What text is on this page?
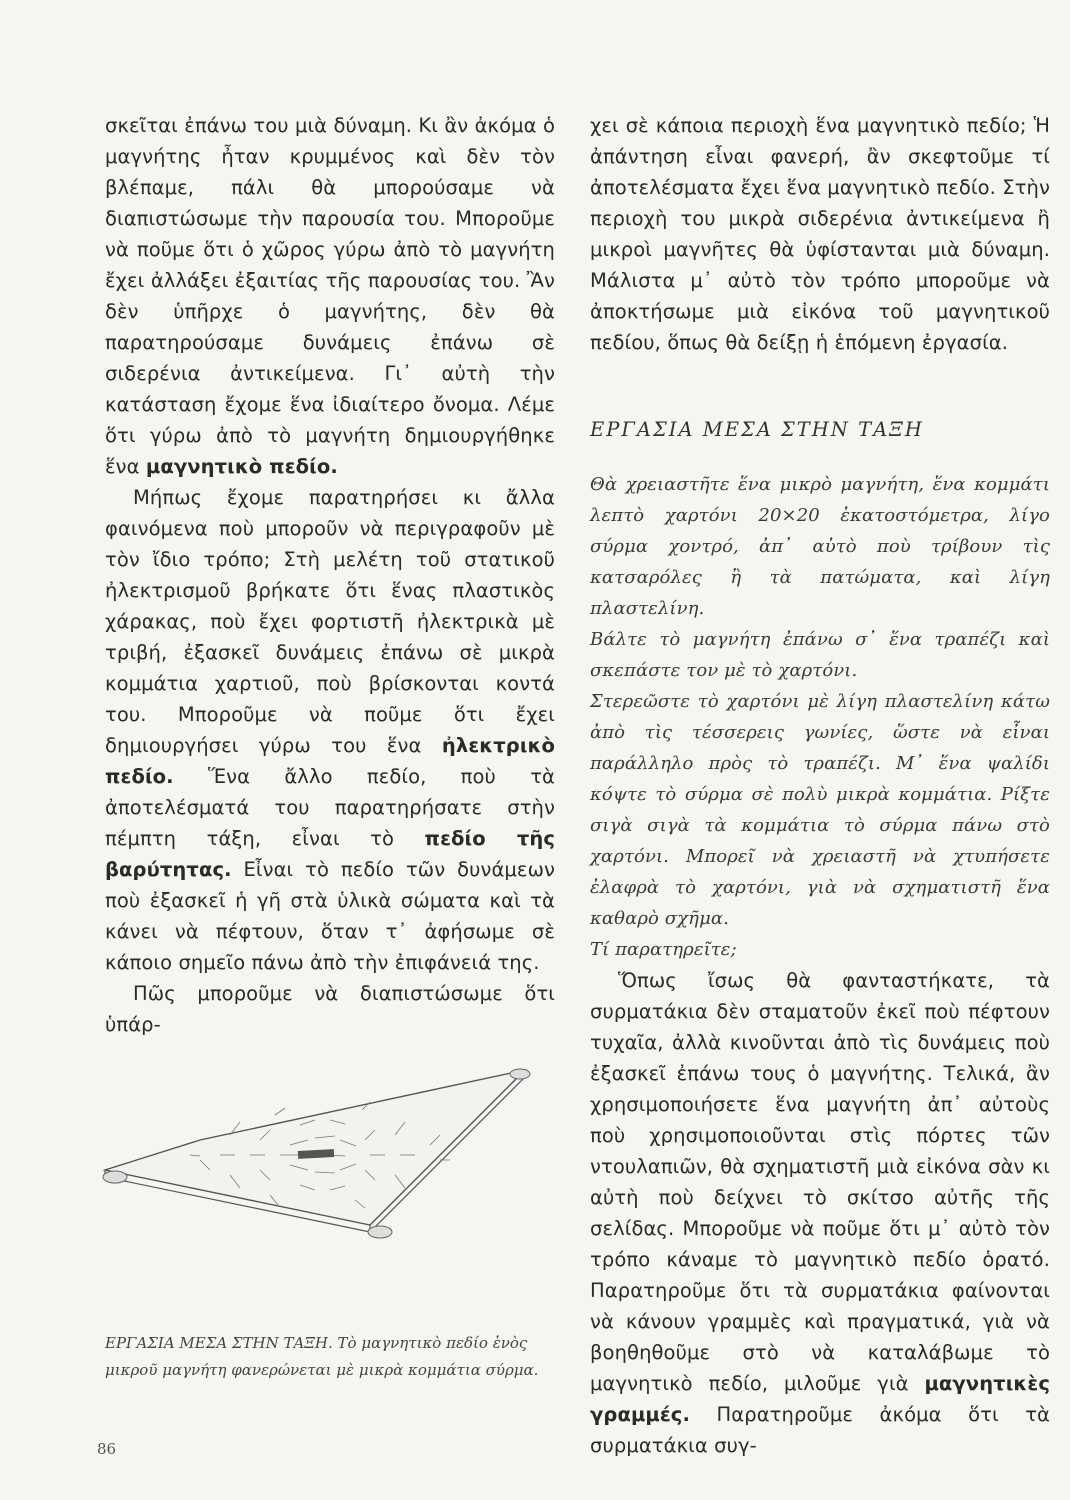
σκεῖται ἐπάνω του μιὰ δύναμη. Κι ἂν ἀκόμα ὁ μαγνήτης ἦταν κρυμμένος καὶ δὲν τὸν βλέπαμε, πάλι θὰ μπορούσαμε νὰ διαπιστώσωμε τὴν παρουσία του. Μποροῦμε νὰ ποῦμε ὅτι ὁ χῶρος γύρω ἀπὸ τὸ μαγνήτη ἔχει ἀλλάξει ἐξαιτίας τῆς παρουσίας του. Ἂν δὲν ὑπῆρχε ὁ μαγνήτης, δὲν θὰ παρατηρούσαμε δυνάμεις ἐπάνω σὲ σιδερένια ἀντικείμενα. Γι᾿ αὐτὴ τὴν κατάσταση ἔχομε ἕνα ἰδιαίτερο ὄνομα. Λέμε ὅτι γύρω ἀπὸ τὸ μαγνήτη δημιουργήθηκε ἕνα μαγνητικὸ πεδίο.

Μήπως ἔχομε παρατηρήσει κι ἄλλα φαινόμενα ποὺ μποροῦν νὰ περιγραφοῦν μὲ τὸν ἴδιο τρόπο; Στὴ μελέτη τοῦ στατικοῦ ἠλεκτρισμοῦ βρήκατε ὅτι ἕνας πλαστικὸς χάρακας, ποὺ ἔχει φορτιστῆ ἠλεκτρικὰ μὲ τριβή, ἐξασκεῖ δυνάμεις ἐπάνω σὲ μικρὰ κομμάτια χαρτιοῦ, ποὺ βρίσκονται κοντά του. Μποροῦμε νὰ ποῦμε ὅτι ἔχει δημιουργήσει γύρω του ἕνα ἠλεκτρικὸ πεδίο. Ἕνα ἄλλο πεδίο, ποὺ τὰ ἀποτελέσματά του παρατηρήσατε στὴν πέμπτη τάξη, εἶναι τὸ πεδίο τῆς βαρύτητας. Εἶναι τὸ πεδίο τῶν δυνάμεων ποὺ ἐξασκεῖ ἡ γῆ στὰ ὑλικὰ σώματα καὶ τὰ κάνει νὰ πέφτουν, ὅταν τ᾿ ἀφήσωμε σὲ κάποιο σημεῖο πάνω ἀπὸ τὴν ἐπιφάνειά της.

Πῶς μποροῦμε νὰ διαπιστώσωμε ὅτι ὑπάρ-

ΕΡΓΑΣΙΑ ΜΕΣΑ ΣΤΗΝ ΤΑΞΗ. Τὸ μαγνητικὸ πεδίο ἑνὸς μικροῦ μαγνήτη φανερώνεται μὲ μικρὰ κομμάτια σύρμα.
86

χει σὲ κάποια περιοχὴ ἕνα μαγνητικὸ πεδίο; Ἡ ἀπάντηση εἶναι φανερή, ἂν σκεφτοῦμε τί ἀποτελέσματα ἔχει ἕνα μαγνητικὸ πεδίο. Στὴν περιοχὴ του μικρὰ σιδερένια ἀντικείμενα ἢ μικροὶ μαγνῆτες θὰ ὑφίστανται μιὰ δύναμη. Μάλιστα μ᾿ αὐτὸ τὸν τρόπο μποροῦμε νὰ ἀποκτήσωμε μιὰ εἰκόνα τοῦ μαγνητικοῦ πεδίου, ὅπως θὰ δείξῃ ἡ ἑπόμενη ἐργασία.

ΕΡΓΑΣΙΑ ΜΕΣΑ ΣΤΗΝ ΤΑΞΗ

Θὰ χρειαστῆτε ἕνα μικρὸ μαγνήτη, ἕνα κομμάτι λεπτὸ χαρτόνι 20×20 ἑκατοστόμετρα, λίγο σύρμα χοντρό, ἀπ᾿ αὐτὸ ποὺ τρίβουν τὶς κατσαρόλες ἢ τὰ πατώματα, καὶ λίγη πλαστελίνη.

Βάλτε τὸ μαγνήτη ἐπάνω σ᾿ ἕνα τραπέζι καὶ σκεπάστε τον μὲ τὸ χαρτόνι.

Στερεῶστε τὸ χαρτόνι μὲ λίγη πλαστελίνη κάτω ἀπὸ τὶς τέσσερεις γωνίες, ὥστε νὰ εἶναι παράλληλο πρὸς τὸ τραπέζι. Μ᾿ ἕνα ψαλίδι κόψτε τὸ σύρμα σὲ πολὺ μικρὰ κομμάτια. Ρίξτε σιγὰ σιγὰ τὰ κομμάτια τὸ σύρμα πάνω στὸ χαρτόνι. Μπορεῖ νὰ χρειαστῆ νὰ χτυπήσετε ἐλαφρὰ τὸ χαρτόνι, γιὰ νὰ σχηματιστῆ ἕνα καθαρὸ σχῆμα.

Τί παρατηρεῖτε;

Ὅπως ἴσως θὰ φανταστήκατε, τὰ συρματάκια δὲν σταματοῦν ἐκεῖ ποὺ πέφτουν τυχαῖα, ἀλλὰ κινοῦνται ἀπὸ τὶς δυνάμεις ποὺ ἐξασκεῖ ἐπάνω τους ὁ μαγνήτης. Τελικά, ἂν χρησιμοποιήσετε ἕνα μαγνήτη ἀπ᾿ αὐτοὺς ποὺ χρησιμοποιοῦνται στὶς πόρτες τῶν ντουλαπιῶν, θὰ σχηματιστῆ μιὰ εἰκόνα σὰν κι αὐτὴ ποὺ δείχνει τὸ σκίτσο αὐτῆς τῆς σελίδας. Μποροῦμε νὰ ποῦμε ὅτι μ᾿ αὐτὸ τὸν τρόπο κάναμε τὸ μαγνητικὸ πεδίο ὁρατό. Παρατηροῦμε ὅτι τὰ συρματάκια φαίνονται νὰ κάνουν γραμμὲς καὶ πραγματικά, γιὰ νὰ βοηθηθοῦμε στὸ νὰ καταλάβωμε τὸ μαγνητικὸ πεδίο, μιλοῦμε γιὰ μαγνητικὲς γραμμές. Παρατηροῦμε ἀκόμα ὅτι τὰ συρματάκια συγ-
